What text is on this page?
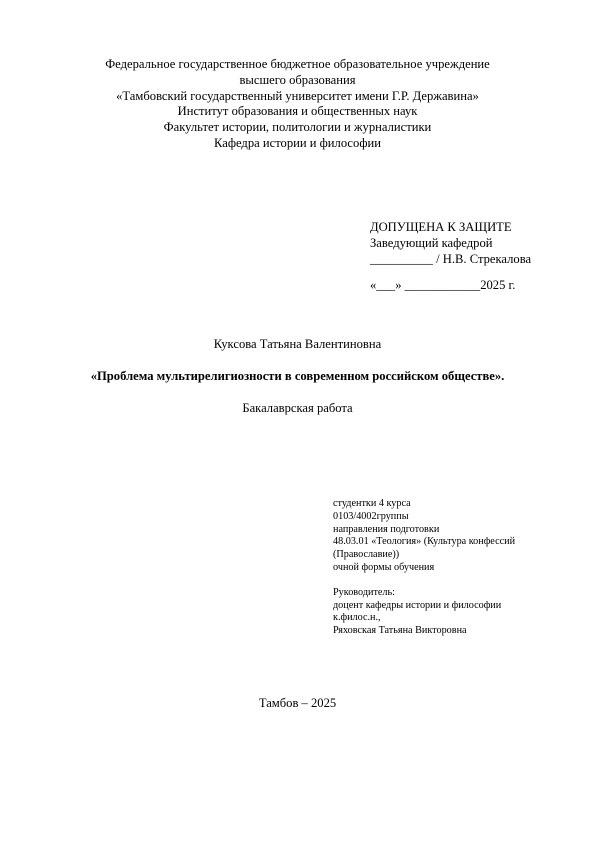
Федеральное государственное бюджетное образовательное учреждение
высшего образования
«Тамбовский государственный университет имени Г.Р. Державина»
Институт образования и общественных наук
Факультет истории, политологии и журналистики
Кафедра истории и философии
ДОПУЩЕНА К ЗАЩИТЕ
Заведующий кафедрой
__________ / Н.В. Стрекалова
«___» ____________2025 г.
Куксова Татьяна Валентиновна
«Проблема мультирелигиозности в современном российском обществе».
Бакалаврская работа
студентки 4 курса
0103/4002группы
направления подготовки
48.03.01 «Теология» (Культура конфессий
(Православие))
очной формы обучения
Руководитель:
доцент кафедры истории и философии
к.филос.н.,
Ряховская Татьяна Викторовна
Тамбов – 2025
